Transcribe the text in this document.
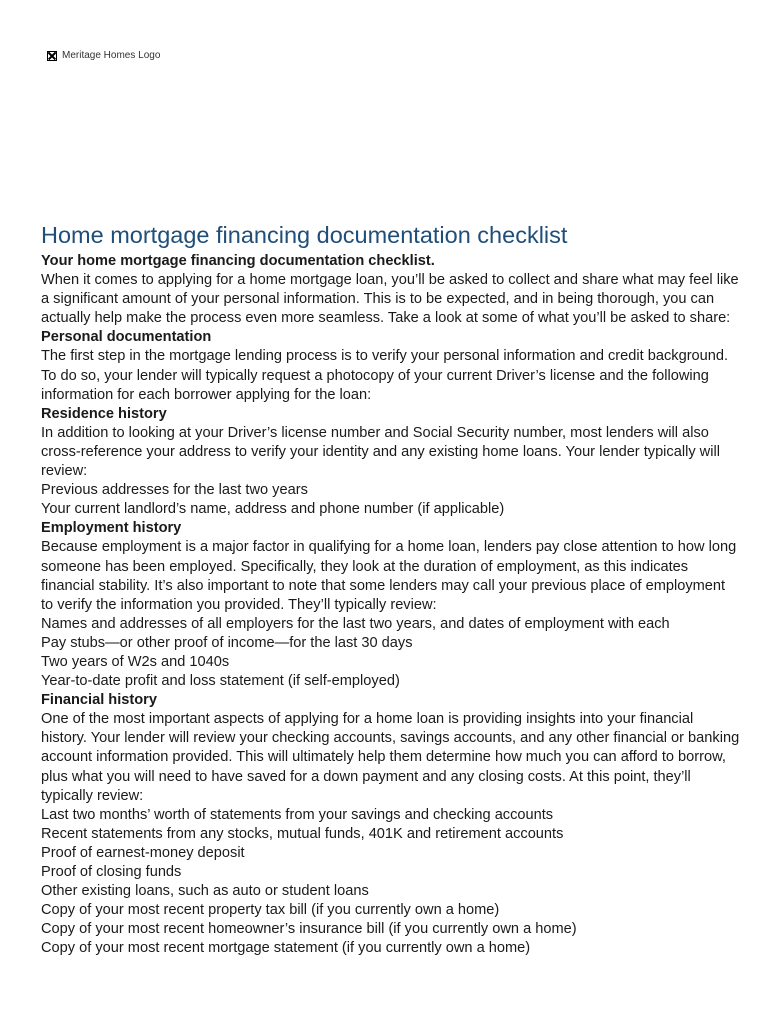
Meritage Homes Logo
Home mortgage financing documentation checklist

Your home mortgage financing documentation checklist.

When it comes to applying for a home mortgage loan, you’ll be asked to collect and share what may feel like a significant amount of your personal information. This is to be expected, and in being thorough, you can actually help make the process even more seamless. Take a look at some of what you’ll be asked to share:

Personal documentation

The first step in the mortgage lending process is to verify your personal information and credit background. To do so, your lender will typically request a photocopy of your current Driver’s license and the following information for each borrower applying for the loan:

Residence history

In addition to looking at your Driver’s license number and Social Security number, most lenders will also cross-reference your address to verify your identity and any existing home loans. Your lender typically will review:

Previous addresses for the last two years
Your current landlord’s name, address and phone number (if applicable)

Employment history

Because employment is a major factor in qualifying for a home loan, lenders pay close attention to how long someone has been employed. Specifically, they look at the duration of employment, as this indicates financial stability. It’s also important to note that some lenders may call your previous place of employment to verify the information you provided. They’ll typically review:

Names and addresses of all employers for the last two years, and dates of employment with each
Pay stubs—or other proof of income—for the last 30 days
Two years of W2s and 1040s
Year-to-date profit and loss statement (if self-employed)

Financial history

One of the most important aspects of applying for a home loan is providing insights into your financial history. Your lender will review your checking accounts, savings accounts, and any other financial or banking account information provided. This will ultimately help them determine how much you can afford to borrow, plus what you will need to have saved for a down payment and any closing costs. At this point, they’ll typically review:

Last two months’ worth of statements from your savings and checking accounts
Recent statements from any stocks, mutual funds, 401K and retirement accounts
Proof of earnest-money deposit
Proof of closing funds
Other existing loans, such as auto or student loans
Copy of your most recent property tax bill (if you currently own a home)
Copy of your most recent homeowner’s insurance bill (if you currently own a home)
Copy of your most recent mortgage statement (if you currently own a home)
